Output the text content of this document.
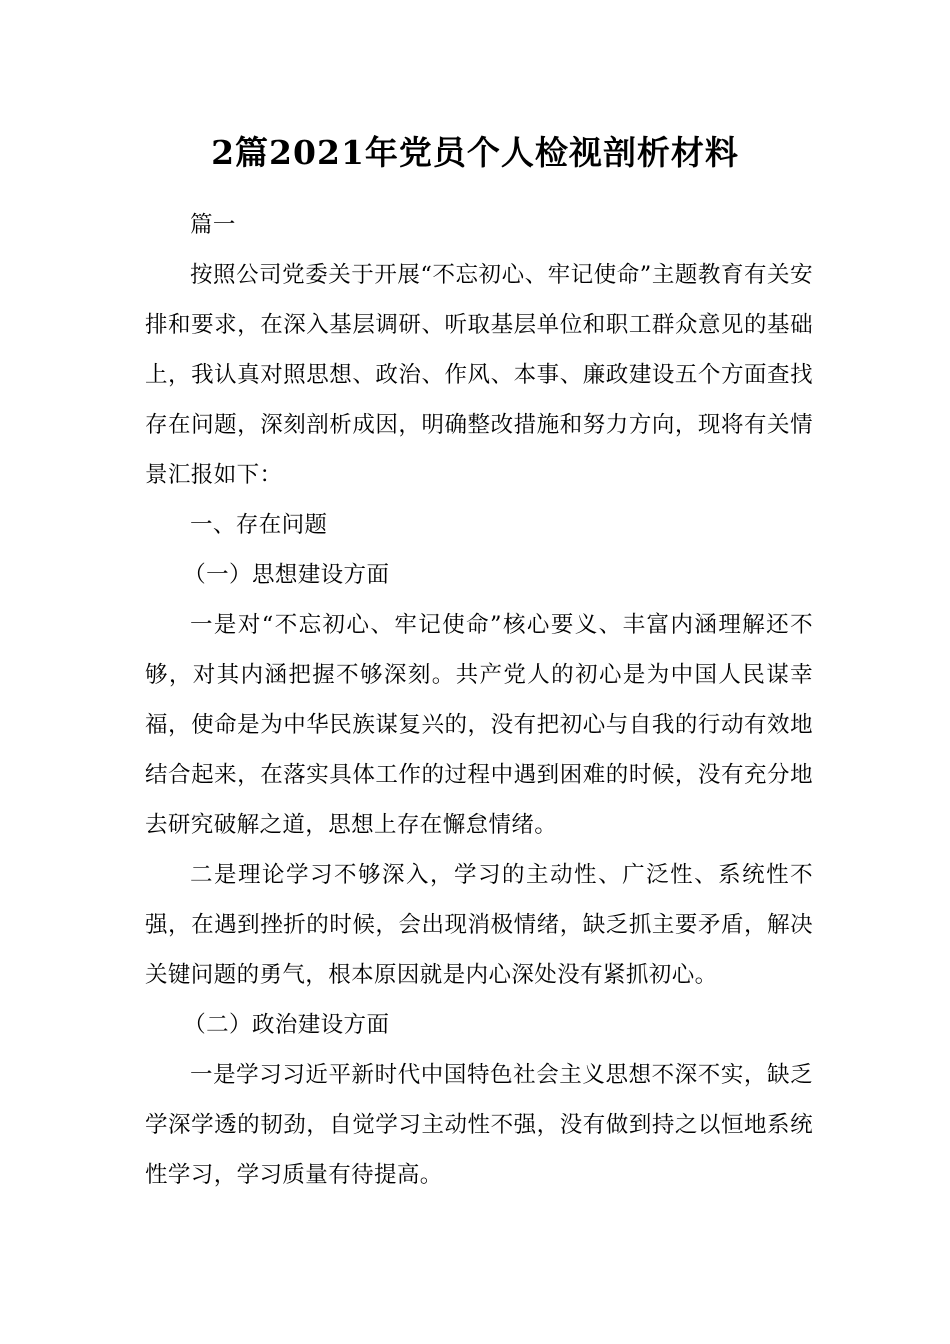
2篇2021年党员个人检视剖析材料

篇一

按照公司党委关于开展“不忘初心、牢记使命”主题教育有关安排和要求，在深入基层调研、听取基层单位和职工群众意见的基础上，我认真对照思想、政治、作风、本事、廉政建设五个方面查找存在问题，深刻剖析成因，明确整改措施和努力方向，现将有关情景汇报如下：

一、存在问题

（一）思想建设方面

一是对“不忘初心、牢记使命”核心要义、丰富内涵理解还不够，对其内涵把握不够深刻。共产党人的初心是为中国人民谋幸福，使命是为中华民族谋复兴的，没有把初心与自我的行动有效地结合起来，在落实具体工作的过程中遇到困难的时候，没有充分地去研究破解之道，思想上存在懈怠情绪。

二是理论学习不够深入，学习的主动性、广泛性、系统性不强，在遇到挫折的时候，会出现消极情绪，缺乏抓主要矛盾，解决关键问题的勇气，根本原因就是内心深处没有紧抓初心。

（二）政治建设方面

一是学习习近平新时代中国特色社会主义思想不深不实，缺乏学深学透的韧劲，自觉学习主动性不强，没有做到持之以恒地系统性学习，学习质量有待提高。
